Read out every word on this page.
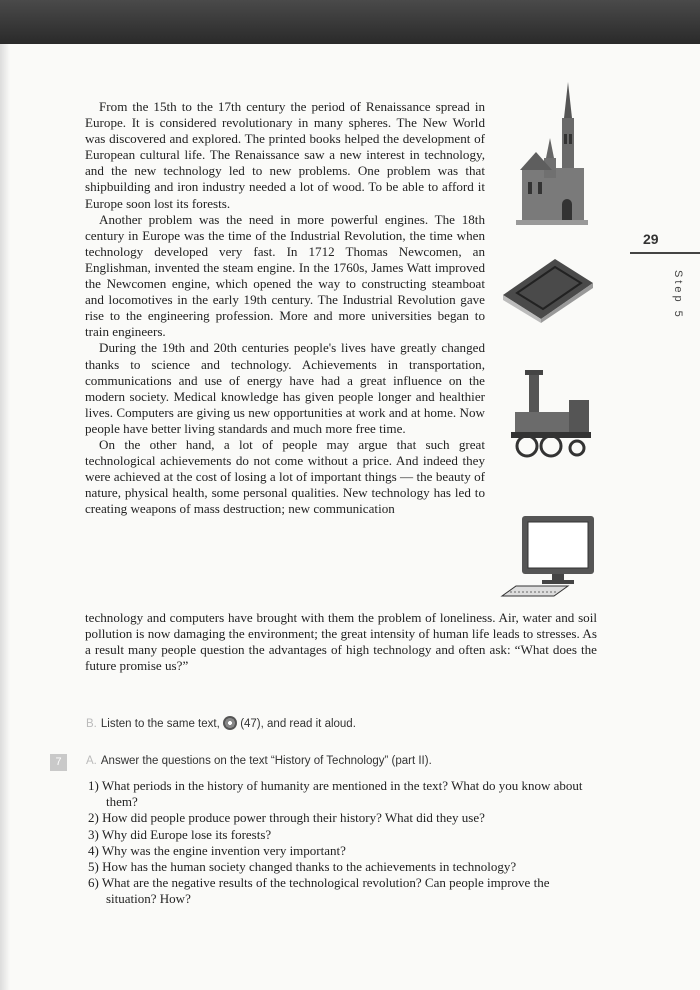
29
Step 5

From the 15th to the 17th century the period of Renaissance spread in Europe. It is considered revolutionary in many spheres. The New World was discovered and explored. The printed books helped the development of European cultural life. The Renaissance saw a new interest in technology, and the new technology led to new problems. One problem was that shipbuilding and iron industry needed a lot of wood. To be able to afford it Europe soon lost its forests.

Another problem was the need in more powerful engines. The 18th century in Europe was the time of the Industrial Revolution, the time when technology developed very fast. In 1712 Thomas Newcomen, an Englishman, invented the steam engine. In the 1760s, James Watt improved the Newcomen engine, which opened the way to constructing steamboat and locomotives in the early 19th century. The Industrial Revolution gave rise to the engineering profession. More and more universities began to train engineers.

During the 19th and 20th centuries people's lives have greatly changed thanks to science and technology. Achievements in transportation, communications and use of energy have had a great influence on the modern society. Medical knowledge has given people longer and healthier lives. Computers are giving us new opportunities at work and at home. Now people have better living standards and much more free time.

On the other hand, a lot of people may argue that such great technological achievements do not come without a price. And indeed they were achieved at the cost of losing a lot of important things — the beauty of nature, physical health, some personal qualities. New technology has led to creating weapons of mass destruction; new communication

technology and computers have brought with them the problem of loneliness. Air, water and soil pollution is now damaging the environment; the great intensity of human life leads to stresses. As a result many people question the advantages of high technology and often ask: “What does the future promise us?”
B. Listen to the same text, (47), and read it aloud.
7	A. Answer the questions on the text “History of Technology” (part II).
1) What periods in the history of humanity are mentioned in the text? What do you know about them?
2) How did people produce power through their history? What did they use?
3) Why did Europe lose its forests?
4) Why was the engine invention very important?
5) How has the human society changed thanks to the achievements in technology?
6) What are the negative results of the technological revolution? Can people improve the situation? How?
